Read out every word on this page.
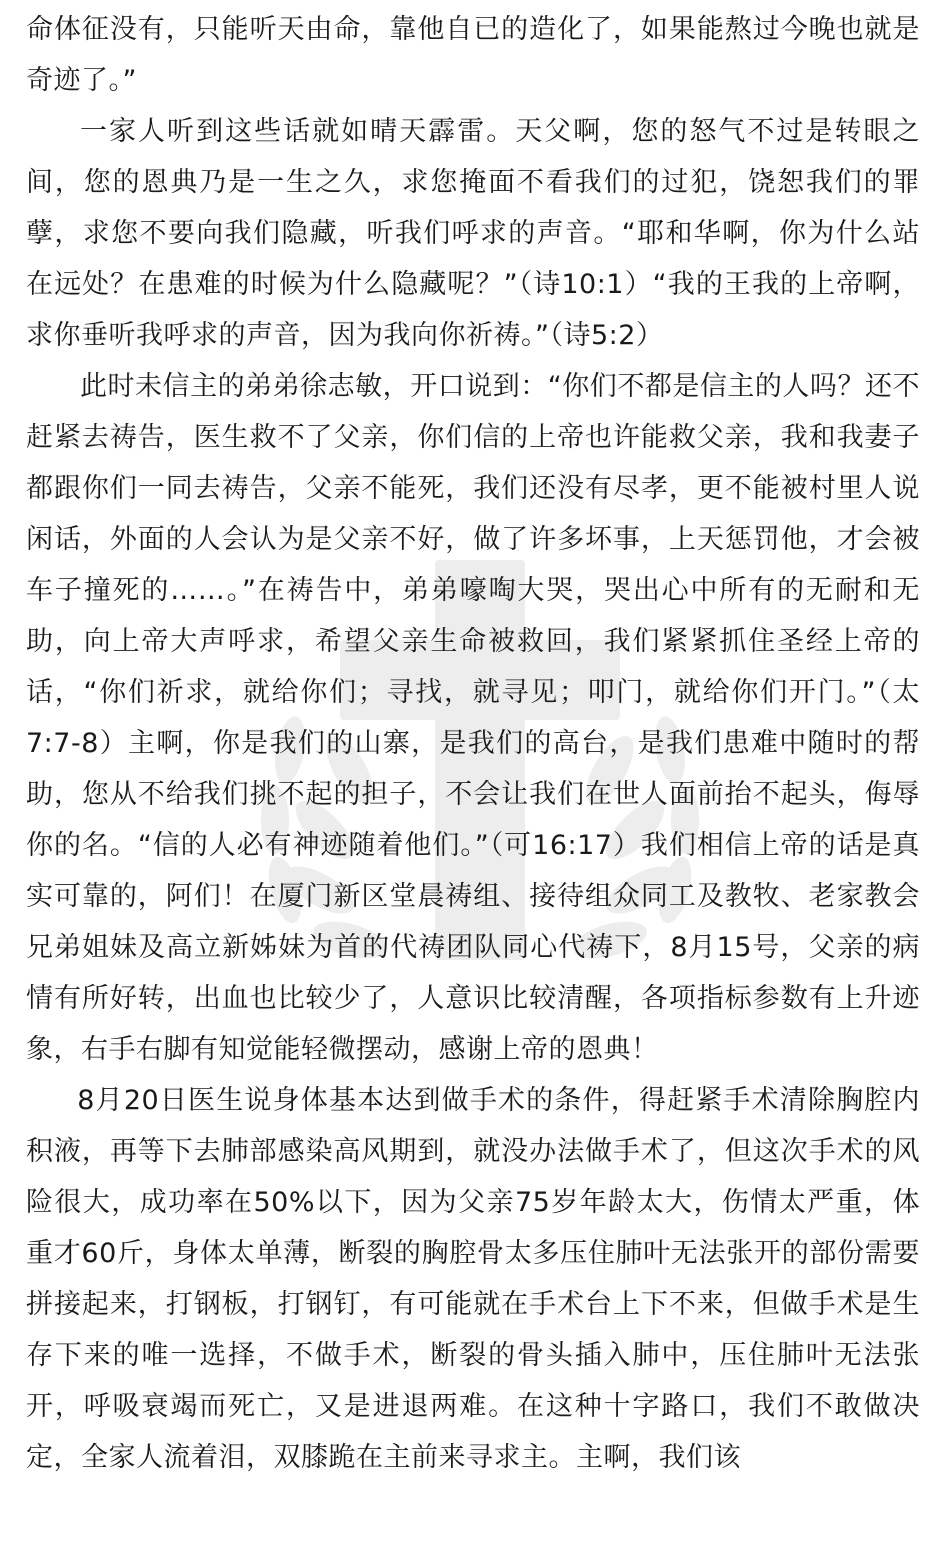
命体征没有，只能听天由命，靠他自已的造化了，如果能熬过今晚也就是奇迹了。”

一家人听到这些话就如晴天霹雷。天父啊，您的怒气不过是转眼之间，您的恩典乃是一生之久，求您掩面不看我们的过犯，饶恕我们的罪孽，求您不要向我们隐藏，听我们呼求的声音。“耶和华啊，你为什么站在远处？在患难的时候为什么隐藏呢？”（诗10:1）“我的王我的上帝啊，求你垂听我呼求的声音，因为我向你祈祷。”（诗5:2）

此时未信主的弟弟徐志敏，开口说到：“你们不都是信主的人吗？还不赶紧去祷告，医生救不了父亲，你们信的上帝也许能救父亲，我和我妻子都跟你们一同去祷告，父亲不能死，我们还没有尽孝，更不能被村里人说闲话，外面的人会认为是父亲不好，做了许多坏事，上天惩罚他，才会被车子撞死的……。”在祷告中，弟弟嚎啕大哭，哭出心中所有的无耐和无助，向上帝大声呼求，希望父亲生命被救回，我们紧紧抓住圣经上帝的话，“你们祈求，就给你们；寻找，就寻见；叩门，就给你们开门。”（太7:7-8）主啊，你是我们的山寨，是我们的高台，是我们患难中随时的帮助，您从不给我们挑不起的担子，不会让我们在世人面前抬不起头，侮辱你的名。“信的人必有神迹随着他们。”（可16:17）我们相信上帝的话是真实可靠的，阿们！在厦门新区堂晨祷组、接待组众同工及教牧、老家教会兄弟姐妹及高立新姊妹为首的代祷团队同心代祷下，8月15号，父亲的病情有所好转，出血也比较少了，人意识比较清醒，各项指标参数有上升迹象，右手右脚有知觉能轻微摆动，感谢上帝的恩典！

8月20日医生说身体基本达到做手术的条件，得赶紧手术清除胸腔内积液，再等下去肺部感染高风期到，就没办法做手术了，但这次手术的风险很大，成功率在50%以下，因为父亲75岁年龄太大，伤情太严重，体重才60斤，身体太单薄，断裂的胸腔骨太多压住肺叶无法张开的部份需要拼接起来，打钢板，打钢钉，有可能就在手术台上下不来，但做手术是生存下来的唯一选择，不做手术，断裂的骨头插入肺中，压住肺叶无法张开，呼吸衰竭而死亡，又是进退两难。在这种十字路口，我们不敢做决定，全家人流着泪，双膝跪在主前来寻求主。主啊，我们该
